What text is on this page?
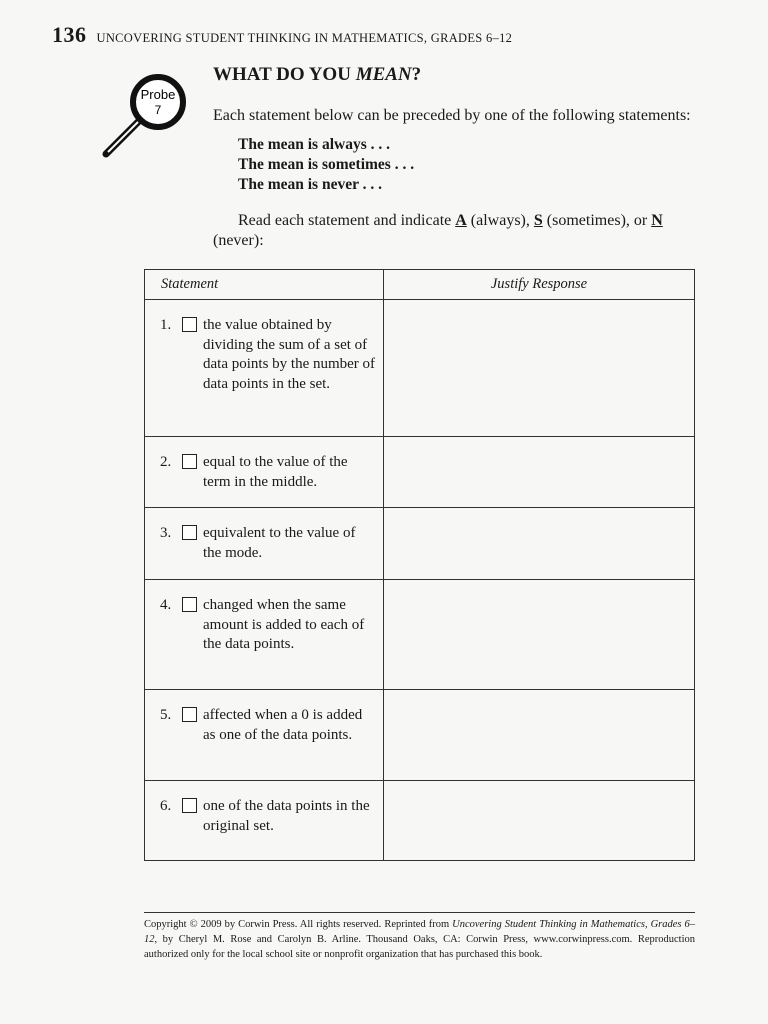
136 UNCOVERING STUDENT THINKING IN MATHEMATICS, GRADES 6–12
Probe
7
WHAT DO YOU MEAN?

Each statement below can be preceded by one of the following statements:

The mean is always . . .
The mean is sometimes . . .
The mean is never . . .

Read each statement and indicate A (always), S (sometimes), or N (never):

Statement	Justify Response

1. the value obtained by dividing the sum of a set of data points by the number of data points in the set.	

2. equal to the value of the term in the middle.	

3. equivalent to the value of the mode.	

4. changed when the same amount is added to each of the data points.	

5. affected when a 0 is added as one of the data points.	

6. one of the data points in the original set.	

Copyright © 2009 by Corwin Press. All rights reserved. Reprinted from Uncovering Student Thinking in Mathematics, Grades 6–12, by Cheryl M. Rose and Carolyn B. Arline. Thousand Oaks, CA: Corwin Press, www.corwinpress.com. Reproduction authorized only for the local school site or nonprofit organization that has purchased this book.
